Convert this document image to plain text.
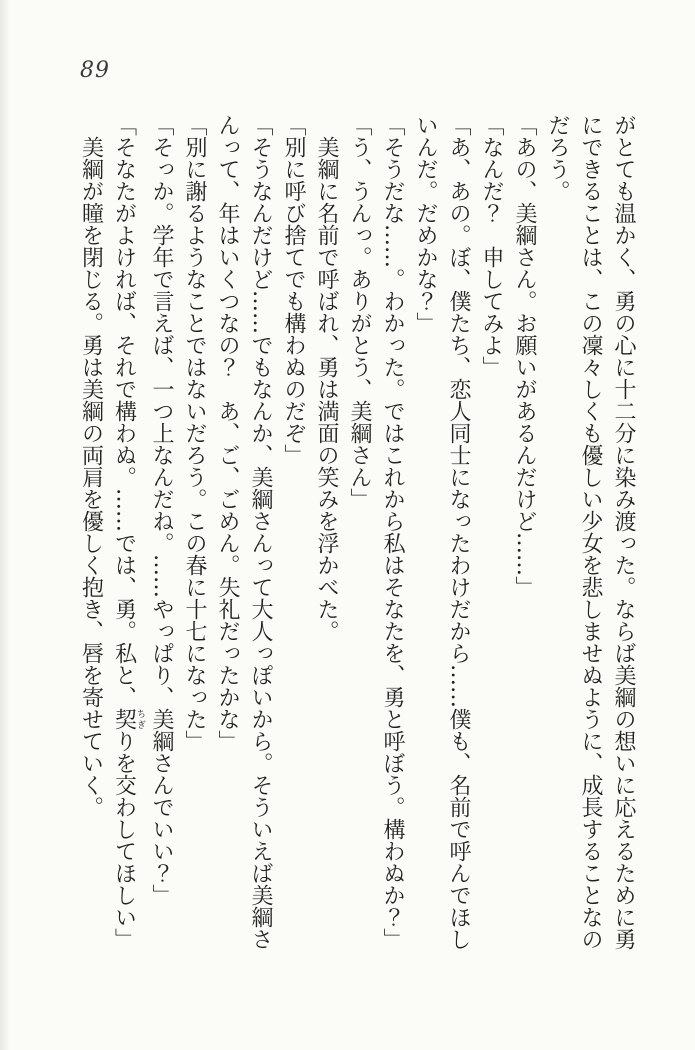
89

がとても温かく、勇の心に十二分に染み渡った。ならば美綱の想いに応えるために勇

にできることは、この凜々しくも優しい少女を悲しませぬように、成長することなの

だろう。

「あの、美綱さん。お願いがあるんだけど……」

「なんだ？　申してみよ」

「あ、あの。ぼ、僕たち、恋人同士になったわけだから……僕も、名前で呼んでほし

いんだ。だめかな？」

「そうだな……。わかった。ではこれから私はそなたを、勇と呼ぼう。構わぬか？」

「う、うんっ。ありがとう、美綱さん」

美綱に名前で呼ばれ、勇は満面の笑みを浮かべた。

「別に呼び捨てでも構わぬのだぞ」

「そうなんだけど……でもなんか、美綱さんって大人っぽいから。そういえば美綱さ

んって、年はいくつなの？　あ、ご、ごめん。失礼だったかな」

「別に謝るようなことではないだろう。この春に十七になった」

「そっか。学年で言えば、一つ上なんだね。……やっぱり、美綱さんでいい？」

「そなたがよければ、それで構わぬ。……では、勇。私と、契ちぎりを交わしてほしい」

美綱が瞳を閉じる。勇は美綱の両肩を優しく抱き、唇を寄せていく。
